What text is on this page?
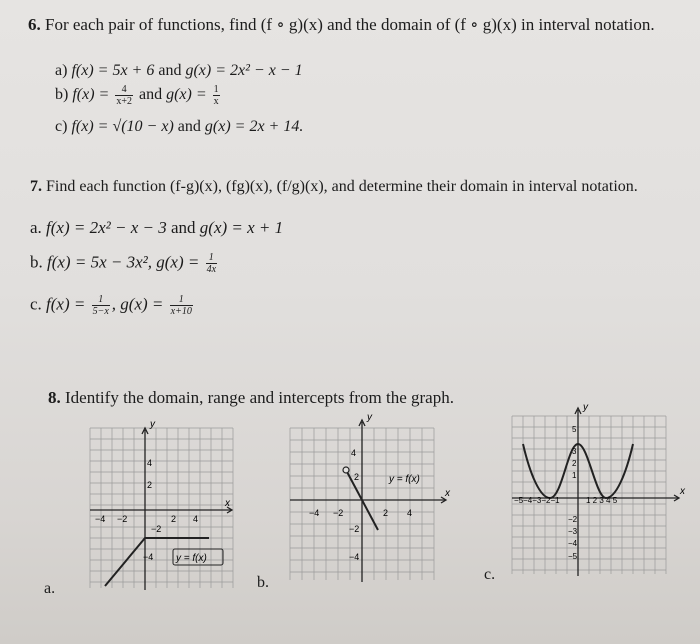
6. For each pair of functions, find (f ∘ g)(x) and the domain of (f ∘ g)(x) in interval notation.
a) f(x) = 5x + 6 and g(x) = 2x² − x − 1
b) $f(x) = \frac{4}{x+2}$ and $g(x) = \frac{1}{x}$
c) f(x) = √(10 − x) and g(x) = 2x + 14.
7. Find each function (f-g)(x), (fg)(x), (f/g)(x), and determine their domain in interval notation.
a. f(x) = 2x² − x − 3 and g(x) = x + 1
b. f(x) = 5x − 3x², $g(x) = \frac{1}{4x}$
c. $f(x) = \frac{1}{5-x}$ , $g(x) = \frac{1}{x+10}$
8. Identify the domain, range and intercepts from the graph.
y
x
4
2
−4 −2	2 4
−2
−4 y = f(x)
y
x
4
2
−4 −2	2 4
−2
−4
y = f(x)
y
x
5
3
2
1
−5−4−3−2−1	1 2 3 4 5
−2
−3
−4
−5
a.	b.	c.
